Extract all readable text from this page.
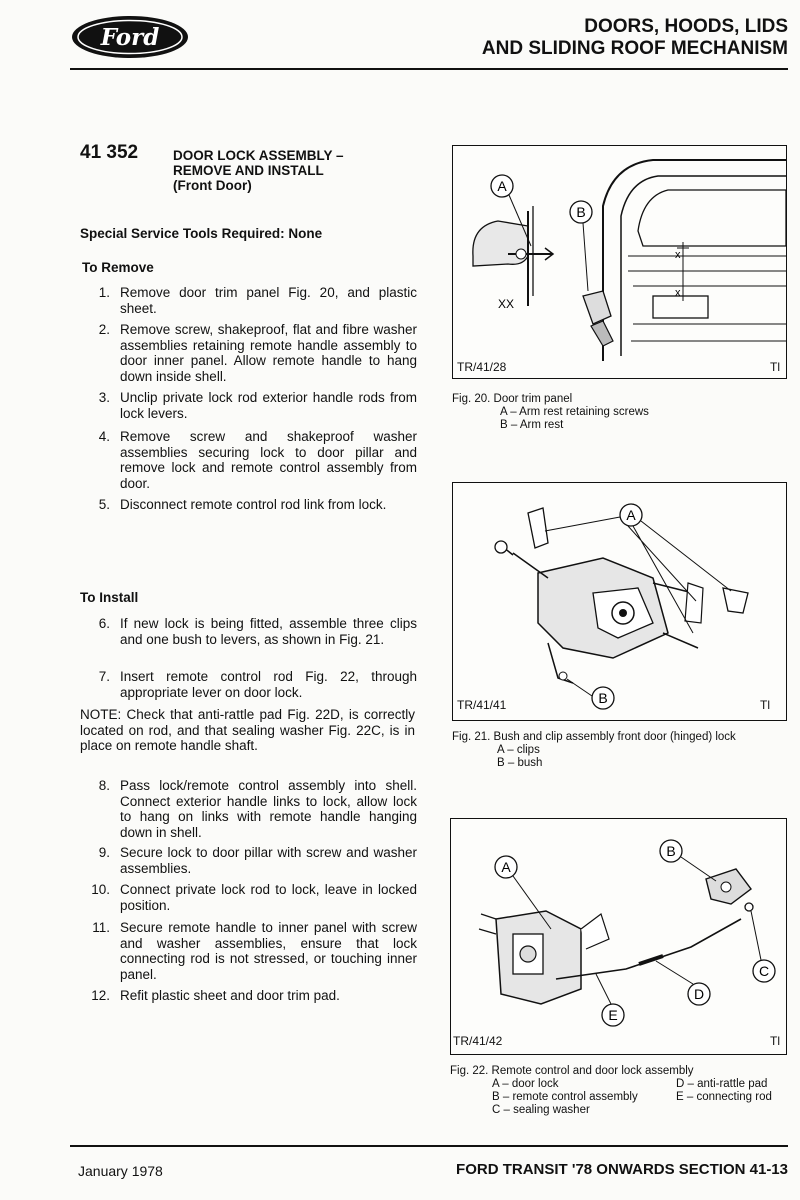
Ford	DOORS, HOODS, LIDS
AND SLIDING ROOF MECHANISM
41 352	DOOR LOCK ASSEMBLY –
REMOVE AND INSTALL
(Front Door)
Special Service Tools Required: None
To Remove
1. Remove door trim panel Fig. 20, and plastic sheet.
2. Remove screw, shakeproof, flat and fibre washer assemblies retaining remote handle assembly to door inner panel. Allow remote handle to hang down inside shell.
3. Unclip private lock rod exterior handle rods from lock levers.
4. Remove screw and shakeproof washer assemblies securing lock to door pillar and remove lock and remote control assembly from door.
5. Disconnect remote control rod link from lock.
To Install
6. If new lock is being fitted, assemble three clips and one bush to levers, as shown in Fig. 21.
7. Insert remote control rod Fig. 22, through appropriate lever on door lock.
NOTE: Check that anti-rattle pad Fig. 22D, is correctly located on rod, and that sealing washer Fig. 22C, is in place on remote handle shaft.
8. Pass lock/remote control assembly into shell. Connect exterior handle links to lock, allow lock to hang on links with remote handle hanging down in shell.
9. Secure lock to door pillar with screw and washer assemblies.
10. Connect private lock rod to lock, leave in locked position.
11. Secure remote handle to inner panel with screw and washer assemblies, ensure that lock connecting rod is not stressed, or touching inner panel.
12. Refit plastic sheet and door trim pad.
x
x
XX
A
B
TR/41/28	Tl
Fig. 20. Door trim panel
A – Arm rest retaining screws
B – Arm rest
A
B
TR/41/41	Tl
Fig. 21. Bush and clip assembly front door (hinged) lock
A – clips
B – bush
A
B
C
D
E
TR/41/42	Tl
Fig. 22. Remote control and door lock assembly
A – door lock
B – remote control assembly
C – sealing washer
D – anti-rattle pad
E – connecting rod
January 1978	FORD TRANSIT '78 ONWARDS SECTION 41-13
